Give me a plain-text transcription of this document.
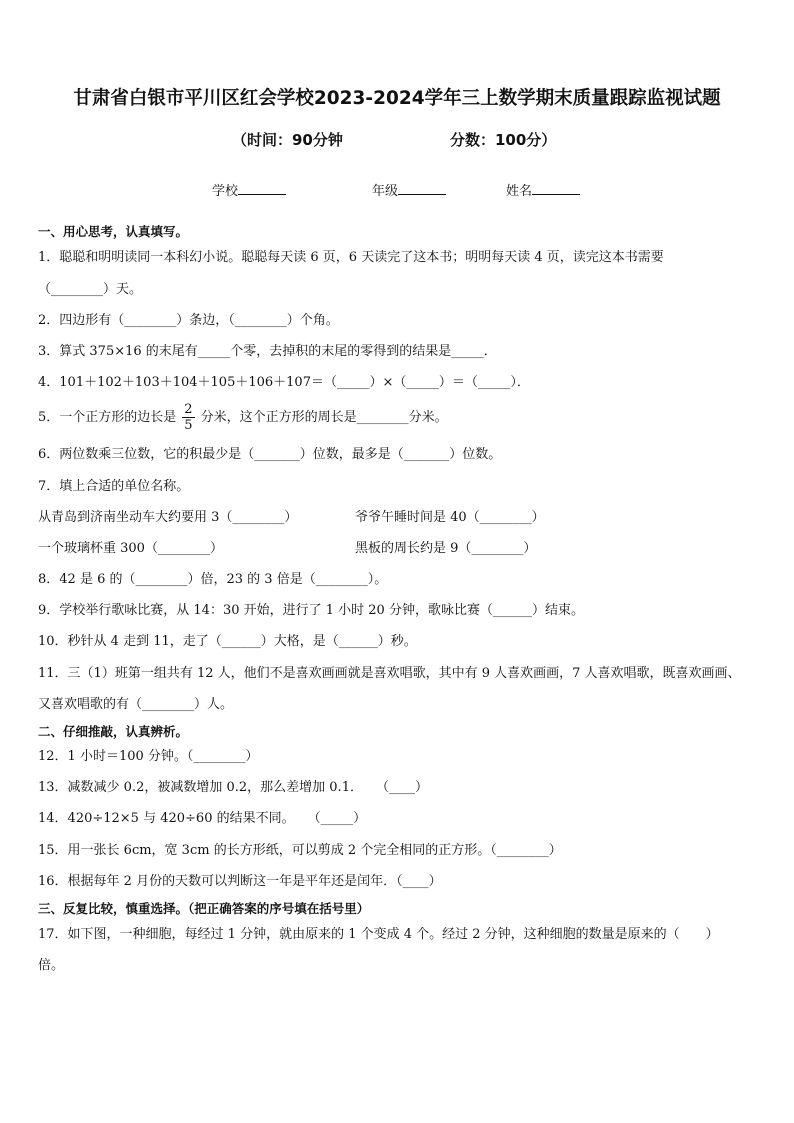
甘肃省白银市平川区红会学校2023-2024学年三上数学期末质量跟踪监视试题
（时间：90分钟	分数：100分）
学校	年级	姓名
一、用心思考，认真填写。
1．聪聪和明明读同一本科幻小说。聪聪每天读 6 页，6 天读完了这本书；明明每天读 4 页，读完这本书需要
（________）天。
2．四边形有（________）条边，（________）个角。
3．算式 375×16 的末尾有_____个零，去掉积的末尾的零得到的结果是_____．
4．101＋102＋103＋104＋105＋106＋107＝（_____）×（_____）＝（_____）．
5．一个正方形的边长是 $\frac{2}{5}$ 分米，这个正方形的周长是________分米。
6．两位数乘三位数，它的积最少是（_______）位数，最多是（_______）位数。
7．填上合适的单位名称。
从青岛到济南坐动车大约要用 3（________）	爷爷午睡时间是 40（________）
一个玻璃杯重 300（________）	黑板的周长约是 9（________）
8．42 是 6 的（________）倍，23 的 3 倍是（________）。
9．学校举行歌咏比赛，从 14：30 开始，进行了 1 小时 20 分钟，歌咏比赛（______）结束。
10．秒针从 4 走到 11，走了（______）大格，是（______）秒。
11．三（1）班第一组共有 12 人，他们不是喜欢画画就是喜欢唱歌，其中有 9 人喜欢画画，7 人喜欢唱歌，既喜欢画画、
又喜欢唱歌的有（________）人。
二、仔细推敲，认真辨析。
12．1 小时＝100 分钟。（________）
13．减数减少 0.2，被减数增加 0.2，那么差增加 0.1．　　（____）
14．420÷12×5 与 420÷60 的结果不同。　　（_____）
15．用一张长 6cm，宽 3cm 的长方形纸，可以剪成 2 个完全相同的正方形。（________）
16．根据每年 2 月份的天数可以判断这一年是平年还是闰年．（____）
三、反复比较，慎重选择。（把正确答案的序号填在括号里）
17．如下图，一种细胞，每经过 1 分钟，就由原来的 1 个变成 4 个。经过 2 分钟，这种细胞的数量是原来的（　　）
倍。
